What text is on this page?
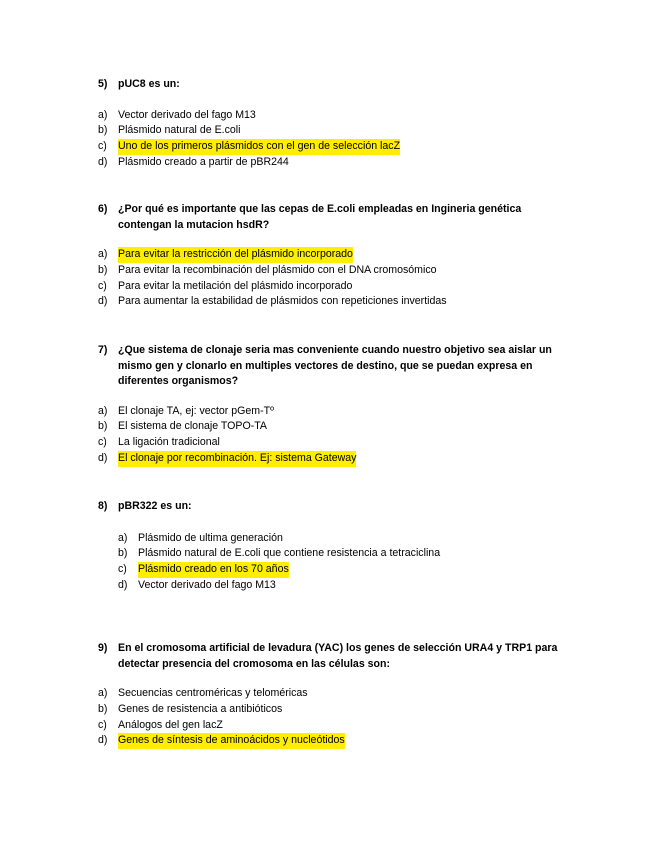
5) pUC8 es un:
a) Vector derivado del fago M13
b) Plásmido natural de E.coli
c)	Uno de los primeros plásmidos con el gen de selección lacZ
d) Plásmido creado a partir de pBR244
6) ¿Por qué es importante que las cepas de E.coli empleadas en Ingineria genética contengan la mutacion hsdR?
a) Para evitar la restricción del plásmido incorporado
b) Para evitar la recombinación del plásmido con el DNA cromosómico
c)	Para evitar la metilación del plásmido incorporado
d) Para aumentar la estabilidad de plásmidos con repeticiones invertidas
7) ¿Que sistema de clonaje seria mas conveniente cuando nuestro objetivo sea aislar un mismo gen y clonarlo en multiples vectores de destino, que se puedan expresa en diferentes organismos?
a) El clonaje TA, ej: vector pGem-Tº
b) El sistema de clonaje TOPO-TA
c)	La ligación tradicional
d) El clonaje por recombinación. Ej: sistema Gateway
8) pBR322 es un:
a) Plásmido de ultima generación
b) Plásmido natural de E.coli que contiene resistencia a tetraciclina
c)	Plásmido creado en los 70 años
d) Vector derivado del fago M13
9) En el cromosoma artificial de levadura (YAC) los genes de selección URA4 y TRP1 para detectar presencia del cromosoma en las células son:
a) Secuencias centroméricas y teloméricas
b) Genes de resistencia a antibióticos
c)	Análogos del gen lacZ
d) Genes de síntesis de aminoácidos y nucleótidos
